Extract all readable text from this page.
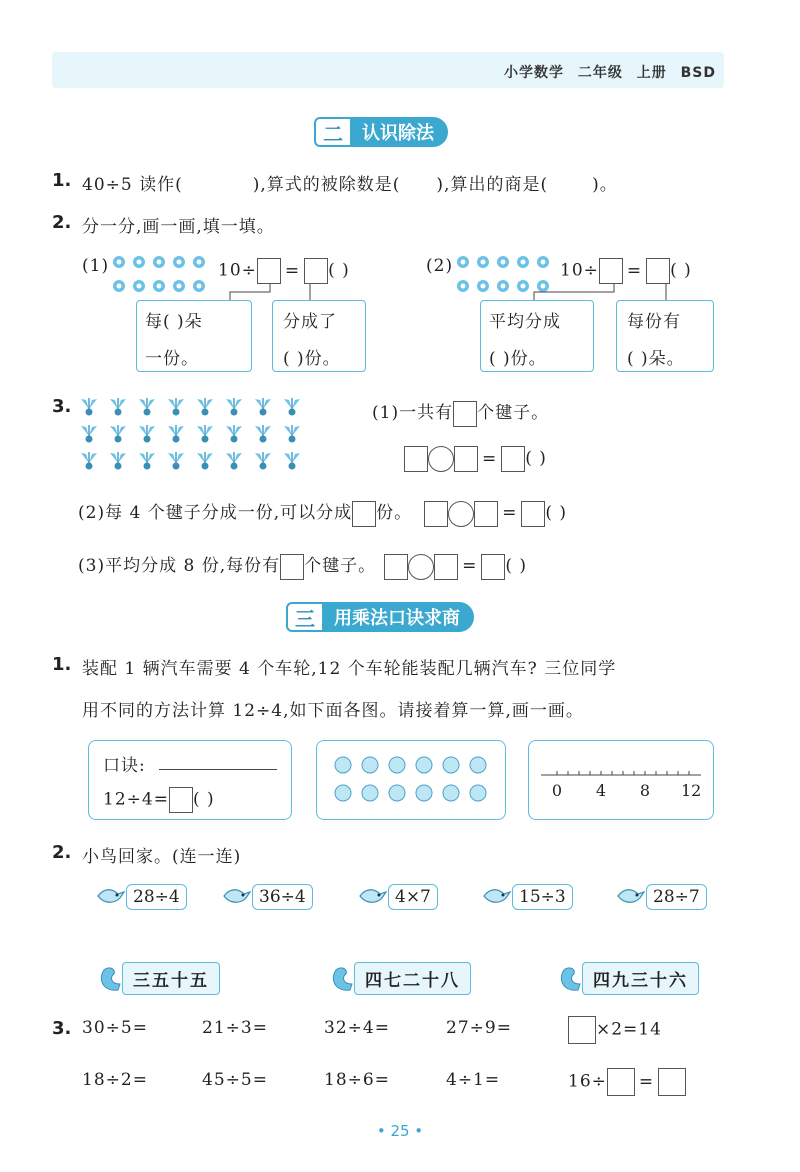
小学数学 二年级 上册 BSD
二	认识除法
1. 40÷5 读作(	),算式的被除数是( ),算出的商是(	)。
2. 分一分,画一画,填一填。
(1)	10÷ = ( )
每( )朵
一份。
分成了
( )份。
(2)	10÷ = ( )
平均分成
( )份。
每份有
( )朵。
3.	(1)一共有 个毽子。
= ( )
(2)每 4 个毽子分成一份,可以分成 份。	= ( )
(3)平均分成 8 份,每份有 个毽子。	= ( )
三	用乘法口诀求商
1. 装配 1 辆汽车需要 4 个车轮,12 个车轮能装配几辆汽车? 三位同学
用不同的方法计算 12÷4,如下面各图。请接着算一算,画一画。
口诀:
12÷4= ( )	0 4 8 12
2. 小鸟回家。(连一连)
28÷4	36÷4	4×7	15÷3	28÷7
三五十五	四七二十八	四九三十六
3. 30÷5=	21÷3=	32÷4=	27÷9=	×2=14
18÷2=	45÷5=	18÷6=	4÷1=	16÷ =
• 25 •
